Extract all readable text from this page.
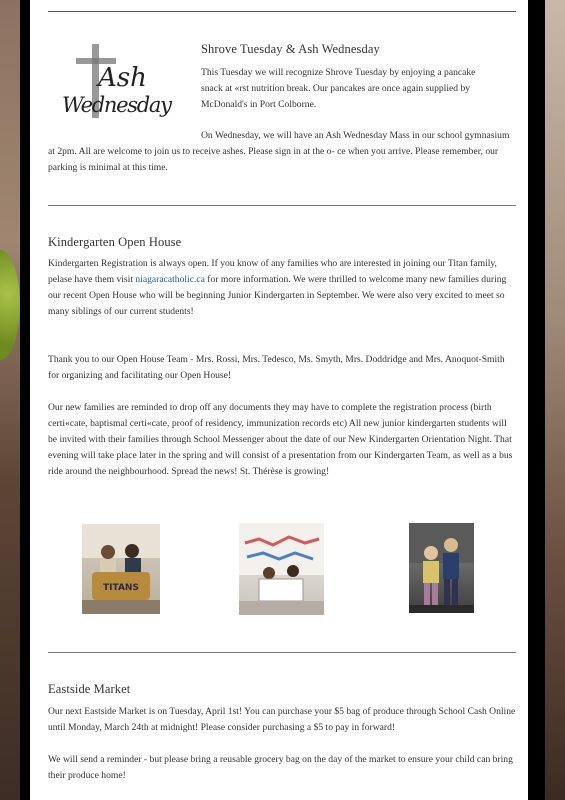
Ash
Wednesday
Shrove Tuesday & Ash Wednesday

This Tuesday we will recognize Shrove Tuesday by enjoying a pancake snack at «rst nutrition break. Our pancakes are once again supplied by McDonald's in Port Colborne.

On Wednesday, we will have an Ash Wednesday Mass in our school gymnasium at 2pm. All are welcome to join us to receive ashes. Please sign in at the o- ce when you arrive. Please remember, our parking is minimal at this time.

Kindergarten Open House

Kindergarten Registration is always open. If you know of any families who are interested in joining our Titan family, pelase have them visit niagaracatholic.ca for more information. We were thrilled to welcome many new families during our recent Open House who will be beginning Junior Kindergarten in September. We were also very excited to meet so many siblings of our current students!

Thank you to our Open House Team - Mrs. Rossi, Mrs. Tedesco, Ms. Smyth, Mrs. Doddridge and Mrs. Anoquot-Smith for organizing and facilitating our Open House!

Our new families are reminded to drop off any documents they may have to complete the registration process (birth certi«cate, baptismal certi«cate, proof of residency, immunization records etc) All new junior kindergarten students will be invited with their families through School Messenger about the date of our New Kindergarten Orientation Night. That evening will take place later in the spring and will consist of a presentation from our Kindergarten Team, as well as a bus ride around the neighbourhood. Spread the news! St. Thérèse is growing!

TITANS
Eastside Market

Our next Eastside Market is on Tuesday, April 1st! You can purchase your $5 bag of produce through School Cash Online until Monday, March 24th at midnight! Please consider purchasing a $5 to pay in forward!

We will send a reminder - but please bring a reusable grocery bag on the day of the market to ensure your child can bring their produce home!
